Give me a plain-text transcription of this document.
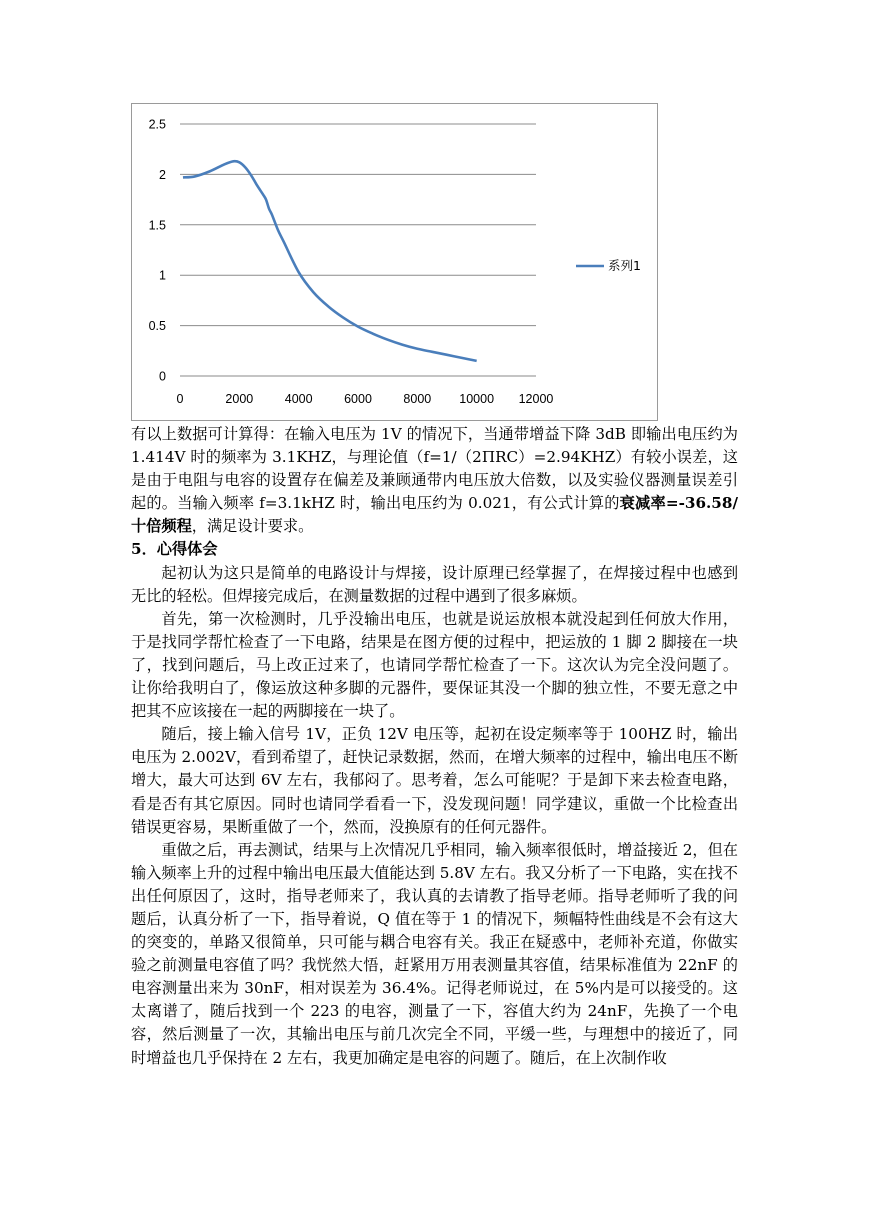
0
0.5
1
1.5
2
2.5
0	2000	4000	6000	8000 10000 12000
系列1

有以上数据可计算得：在输入电压为 1V 的情况下，当通带增益下降 3dB 即输出电压约为 1.414V 时的频率为 3.1KHZ，与理论值（f=1/（2ΠRC）=2.94KHZ）有较小误差，这是由于电阻与电容的设置存在偏差及兼顾通带内电压放大倍数，以及实验仪器测量误差引起的。当输入频率 f=3.1kHZ 时，输出电压约为 0.021，有公式计算的衰减率=-36.58/十倍频程，满足设计要求。

5．心得体会

起初认为这只是简单的电路设计与焊接，设计原理已经掌握了，在焊接过程中也感到无比的轻松。但焊接完成后，在测量数据的过程中遇到了很多麻烦。

首先，第一次检测时，几乎没输出电压，也就是说运放根本就没起到任何放大作用，于是找同学帮忙检查了一下电路，结果是在图方便的过程中，把运放的 1 脚 2 脚接在一块了，找到问题后，马上改正过来了，也请同学帮忙检查了一下。这次认为完全没问题了。让你给我明白了，像运放这种多脚的元器件，要保证其没一个脚的独立性，不要无意之中把其不应该接在一起的两脚接在一块了。

随后，接上输入信号 1V，正负 12V 电压等，起初在设定频率等于 100HZ 时，输出电压为 2.002V，看到希望了，赶快记录数据，然而，在增大频率的过程中，输出电压不断增大，最大可达到 6V 左右，我郁闷了。思考着，怎么可能呢？于是卸下来去检查电路，看是否有其它原因。同时也请同学看看一下，没发现问题！同学建议，重做一个比检查出错误更容易，果断重做了一个，然而，没换原有的任何元器件。

重做之后，再去测试，结果与上次情况几乎相同，输入频率很低时，增益接近 2，但在输入频率上升的过程中输出电压最大值能达到 5.8V 左右。我又分析了一下电路，实在找不出任何原因了，这时，指导老师来了，我认真的去请教了指导老师。指导老师听了我的问题后，认真分析了一下，指导着说，Q 值在等于 1 的情况下，频幅特性曲线是不会有这大的突变的，单路又很简单，只可能与耦合电容有关。我正在疑惑中，老师补充道，你做实验之前测量电容值了吗？我恍然大悟，赶紧用万用表测量其容值，结果标准值为 22nF 的电容测量出来为 30nF，相对误差为 36.4%。记得老师说过，在 5%内是可以接受的。这太离谱了，随后找到一个 223 的电容，测量了一下，容值大约为 24nF，先换了一个电容，然后测量了一次，其输出电压与前几次完全不同，平缓一些，与理想中的接近了，同时增益也几乎保持在 2 左右，我更加确定是电容的问题了。随后，在上次制作收
